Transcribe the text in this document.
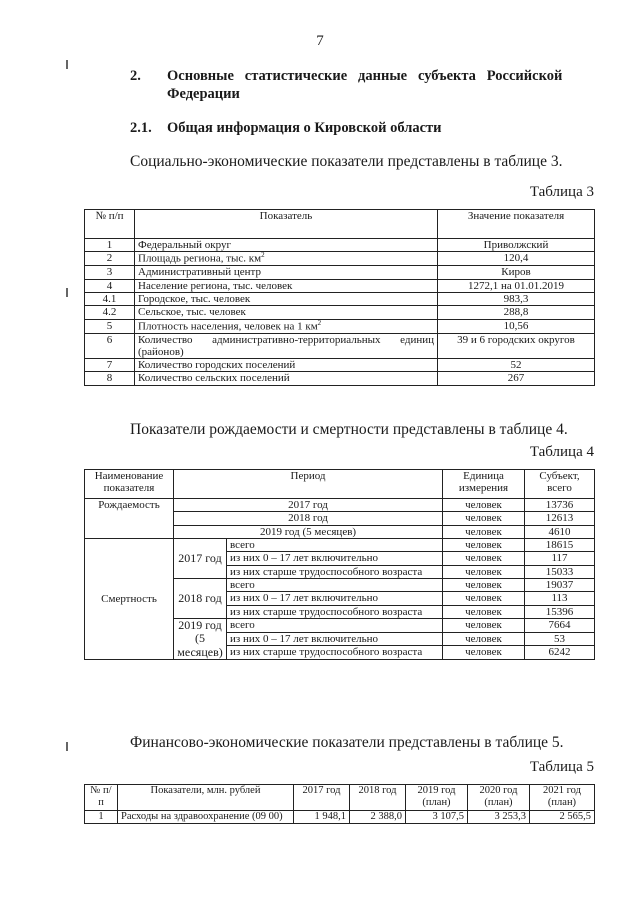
7
2. Основные   статистические   данные   субъекта   Российской
Федерации
2.1. Общая информация о Кировской области
Социально-экономические показатели представлены в таблице 3.
Таблица 3
№ п/п	Показатель	Значение показателя
1	Федеральный округ	Приволжский
2	Площадь региона, тыс. $км^2$	120,4
3	Административный центр	Киров
4	Население региона, тыс. человек	1272,1 на 01.01.2019
4.1	Городское, тыс. человек	983,3
4.2	Сельское, тыс. человек	288,8
5	Плотность населения, человек на 1 $км^2$	10,56
6	Количество административно-территориальных единиц (районов)	39 и 6 городских округов
7	Количество городских поселений	52
8	Количество сельских поселений	267
Показатели рождаемости и смертности представлены в таблице 4.
Таблица 4
Наименование показателя	Период		Единица измерения	Субъект, всего
Рождаемость	2017 год		человек	13736
	2018 год		человек	12613
	2019 год (5 месяцев)		человек	4610
Смертность	2017 год	всего	человек	18615
		из них 0 – 17 лет включительно	человек	117
		из них старше трудоспособного возраста	человек	15033
	2018 год	всего	человек	19037
		из них 0 – 17 лет включительно	человек	113
		из них старше трудоспособного возраста	человек	15396
	2019 год (5 месяцев)	всего	человек	7664
		из них 0 – 17 лет включительно	человек	53
		из них старше трудоспособного возраста	человек	6242
Финансово-экономические показатели представлены в таблице 5.
Таблица 5
№ п/п	Показатели, млн. рублей	2017 год	2018 год	2019 год (план)	2020 год (план)	2021 год (план)
1	Расходы на здравоохранение (09 00)	1 948,1	2 388,0	3 107,5	3 253,3	2 565,5
